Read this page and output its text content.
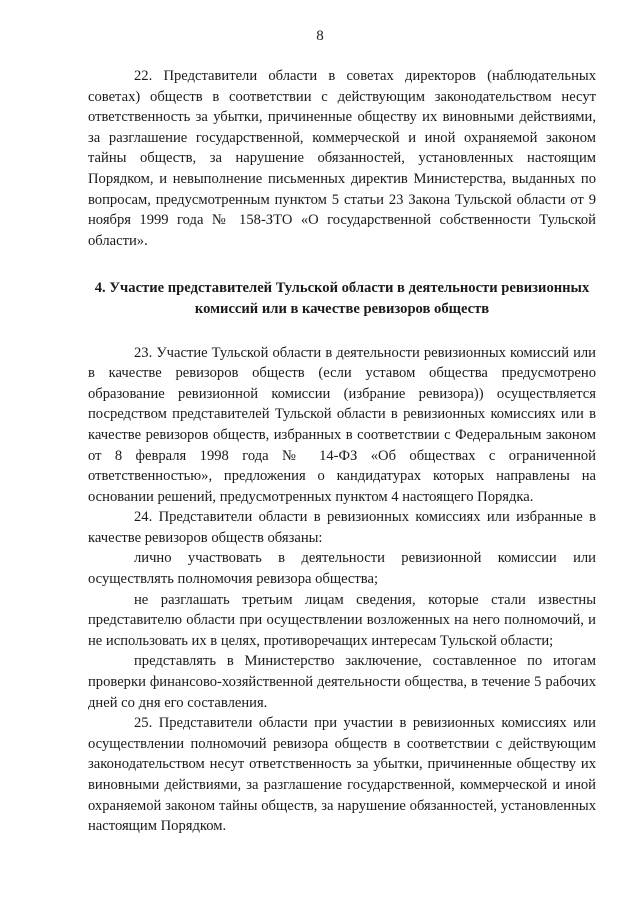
8

22. Представители области в советах директоров (наблюдательных советах) обществ в соответствии с действующим законодательством несут ответственность за убытки, причиненные обществу их виновными действиями, за разглашение государственной, коммерческой и иной охраняемой законом тайны обществ, за нарушение обязанностей, установленных настоящим Порядком, и невыполнение письменных директив Министерства, выданных по вопросам, предусмотренным пунктом 5 статьи 23 Закона Тульской области от 9 ноября 1999 года № 158-ЗТО «О государственной собственности Тульской области».

4. Участие представителей Тульской области в деятельности ревизионных комиссий или в качестве ревизоров обществ

23. Участие Тульской области в деятельности ревизионных комиссий или в качестве ревизоров обществ (если уставом общества предусмотрено образование ревизионной комиссии (избрание ревизора)) осуществляется посредством представителей Тульской области в ревизионных комиссиях или в качестве ревизоров обществ, избранных в соответствии с Федеральным законом от 8 февраля 1998 года № 14-ФЗ «Об обществах с ограниченной ответственностью», предложения о кандидатурах которых направлены на основании решений, предусмотренных пунктом 4 настоящего Порядка.

24. Представители области в ревизионных комиссиях или избранные в качестве ревизоров обществ обязаны:

лично участвовать в деятельности ревизионной комиссии или осуществлять полномочия ревизора общества;

не разглашать третьим лицам сведения, которые стали известны представителю области при осуществлении возложенных на него полномочий, и не использовать их в целях, противоречащих интересам Тульской области;

представлять в Министерство заключение, составленное по итогам проверки финансово-хозяйственной деятельности общества, в течение 5 рабочих дней со дня его составления.

25. Представители области при участии в ревизионных комиссиях или осуществлении полномочий ревизора обществ в соответствии с действующим законодательством несут ответственность за убытки, причиненные обществу их виновными действиями, за разглашение государственной, коммерческой и иной охраняемой законом тайны обществ, за нарушение обязанностей, установленных настоящим Порядком.
